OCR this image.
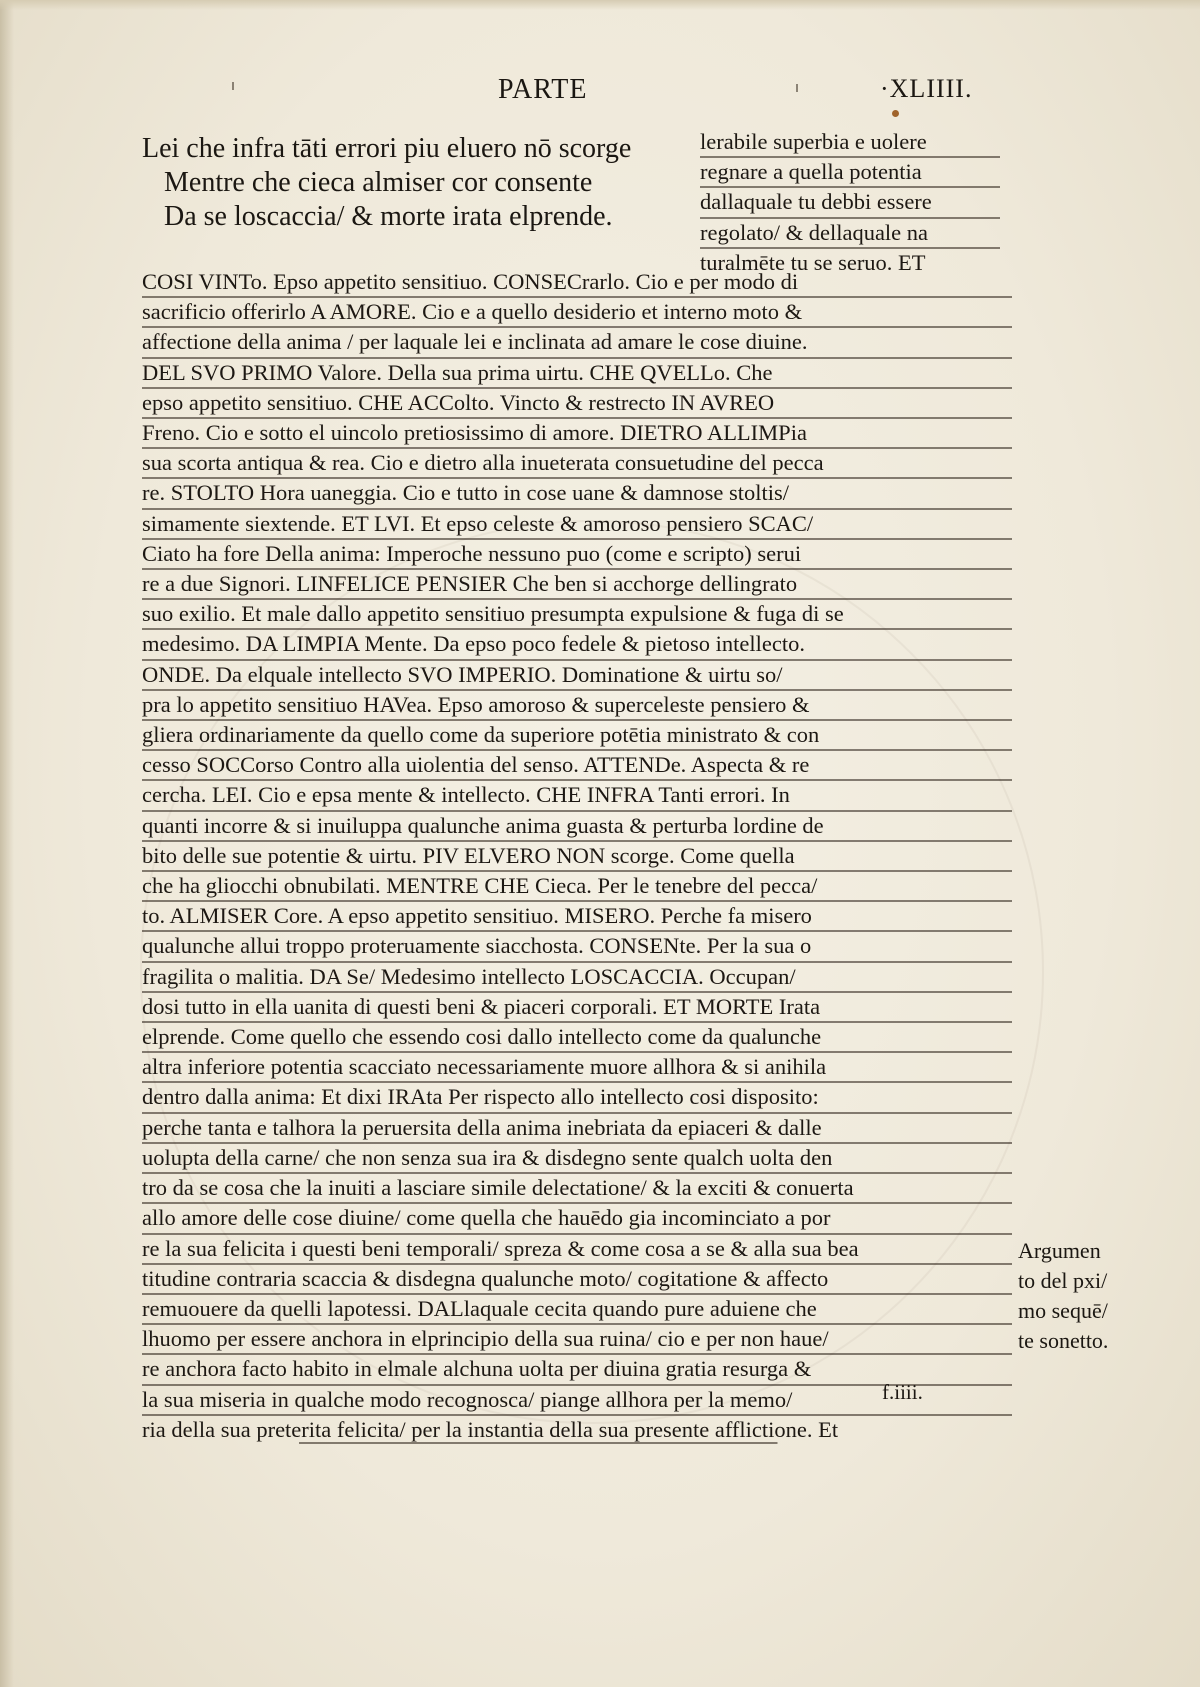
PARTE	·XLIIII.
Lei che infra tāti errori piu eluero nō scorge
Mentre che cieca almiser cor consente
Da se loscaccia/ & morte irata elprende.
lerabile superbia e uolere
regnare a quella potentia
dallaquale tu debbi essere
regolato/ & dellaquale na
turalmēte tu se seruo. ET
COSI VINTo. Epso appetito sensitiuo. CONSECrarlo. Cio e per modo di
sacrificio offerirlo A AMORE. Cio e a quello desiderio et interno moto &
affectione della anima / per laquale lei e inclinata ad amare le cose diuine.
DEL SVO PRIMO Valore. Della sua prima uirtu. CHE QVELLo. Che
epso appetito sensitiuo. CHE ACColto. Vincto & restrecto IN AVREO
Freno. Cio e sotto el uincolo pretiosissimo di amore. DIETRO ALLIMPia
sua scorta antiqua & rea. Cio e dietro alla inueterata consuetudine del pecca
re. STOLTO Hora uaneggia. Cio e tutto in cose uane & damnose stoltis/
simamente siextende. ET LVI. Et epso celeste & amoroso pensiero SCAC/
Ciato ha fore Della anima: Imperoche nessuno puo (come e scripto) serui
re a due Signori. LINFELICE PENSIER Che ben si acchorge dellingrato
suo exilio. Et male dallo appetito sensitiuo presumpta expulsione & fuga di se
medesimo. DA LIMPIA Mente. Da epso poco fedele & pietoso intellecto.
ONDE. Da elquale intellecto SVO IMPERIO. Dominatione & uirtu so/
pra lo appetito sensitiuo HAVea. Epso amoroso & superceleste pensiero &
gliera ordinariamente da quello come da superiore potētia ministrato & con
cesso SOCCorso Contro alla uiolentia del senso. ATTENDe. Aspecta & re
cercha. LEI. Cio e epsa mente & intellecto. CHE INFRA Tanti errori. In
quanti incorre & si inuiluppa qualunche anima guasta & perturba lordine de
bito delle sue potentie & uirtu. PIV ELVERO NON scorge. Come quella
che ha gliocchi obnubilati. MENTRE CHE Cieca. Per le tenebre del pecca/
to. ALMISER Core. A epso appetito sensitiuo. MISERO. Perche fa misero
qualunche allui troppo proteruamente siacchosta. CONSENte. Per la sua o
fragilita o malitia. DA Se/ Medesimo intellecto LOSCACCIA. Occupan/
dosi tutto in ella uanita di questi beni & piaceri corporali. ET MORTE Irata
elprende. Come quello che essendo cosi dallo intellecto come da qualunche
altra inferiore potentia scacciato necessariamente muore allhora & si anihila
dentro dalla anima: Et dixi IRAta Per rispecto allo intellecto cosi disposito:
perche tanta e talhora la peruersita della anima inebriata da epiaceri & dalle
uolupta della carne/ che non senza sua ira & disdegno sente qualch uolta den
tro da se cosa che la inuiti a lasciare simile delectatione/ & la exciti & conuerta
allo amore delle cose diuine/ come quella che hauēdo gia incominciato a por
re la sua felicita i questi beni temporali/ spreza & come cosa a se & alla sua bea
titudine contraria scaccia & disdegna qualunche moto/ cogitatione & affecto
remuouere da quelli lapotessi. DALlaquale cecita quando pure aduiene che
lhuomo per essere anchora in elprincipio della sua ruina/ cio e per non haue/
re anchora facto habito in elmale alchuna uolta per diuina gratia resurga &
la sua miseria in qualche modo recognosca/ piange allhora per la memo/
ria della sua preterita felicita/ per la instantia della sua presente afflictione. Et
f.iiii.
Argumen
to del pxi/
mo sequē/
te sonetto.
